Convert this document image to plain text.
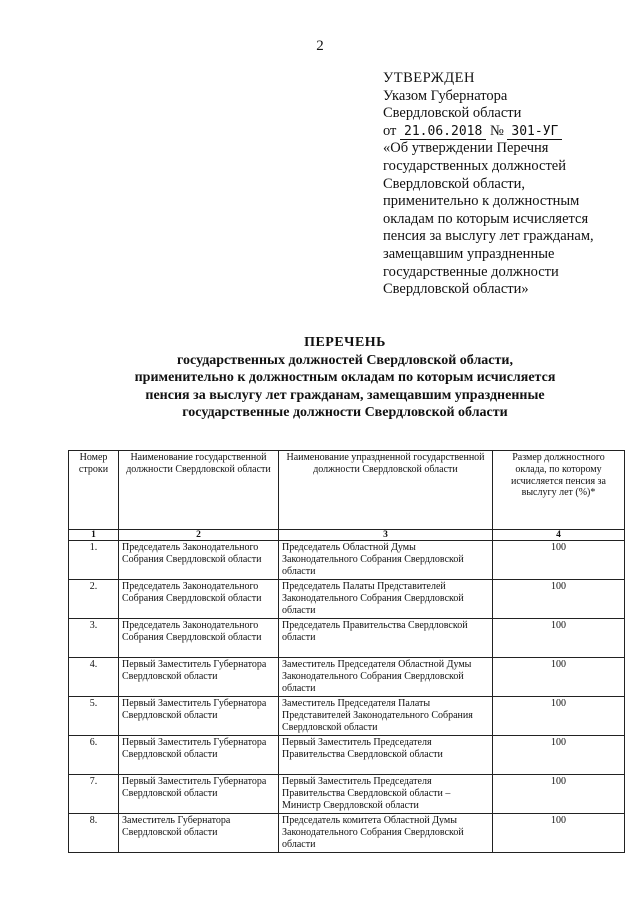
2
УТВЕРЖДЕН
Указом Губернатора
Свердловской области
от 21.06.2018 № 301-УГ
«Об утверждении Перечня
государственных должностей
Свердловской области,
применительно к должностным
окладам по которым исчисляется
пенсия за выслугу лет гражданам,
замещавшим упраздненные
государственные должности
Свердловской области»
ПЕРЕЧЕНЬ
государственных должностей Свердловской области,
применительно к должностным окладам по которым исчисляется
пенсия за выслугу лет гражданам, замещавшим упраздненные
государственные должности Свердловской области
Номер строки	Наименование государственной должности Свердловской области	Наименование упраздненной государственной должности Свердловской области	Размер должностного оклада, по которому исчисляется пенсия за выслугу лет (%)*
1	2	3	4
1.	Председатель Законодательного Собрания Свердловской области	Председатель Областной Думы Законодательного Собрания Свердловской области	100
2.	Председатель Законодательного Собрания Свердловской области	Председатель Палаты Представителей Законодательного Собрания Свердловской области	100
3.	Председатель Законодательного Собрания Свердловской области	Председатель Правительства Свердловской области	100
4.	Первый Заместитель Губернатора Свердловской области	Заместитель Председателя Областной Думы Законодательного Собрания Свердловской области	100
5.	Первый Заместитель Губернатора Свердловской области	Заместитель Председателя Палаты Представителей Законодательного Собрания Свердловской области	100
6.	Первый Заместитель Губернатора Свердловской области	Первый Заместитель Председателя Правительства Свердловской области	100
7.	Первый Заместитель Губернатора Свердловской области	Первый Заместитель Председателя Правительства Свердловской области – Министр Свердловской области	100
8.	Заместитель Губернатора Свердловской области	Председатель комитета Областной Думы Законодательного Собрания Свердловской области	100
